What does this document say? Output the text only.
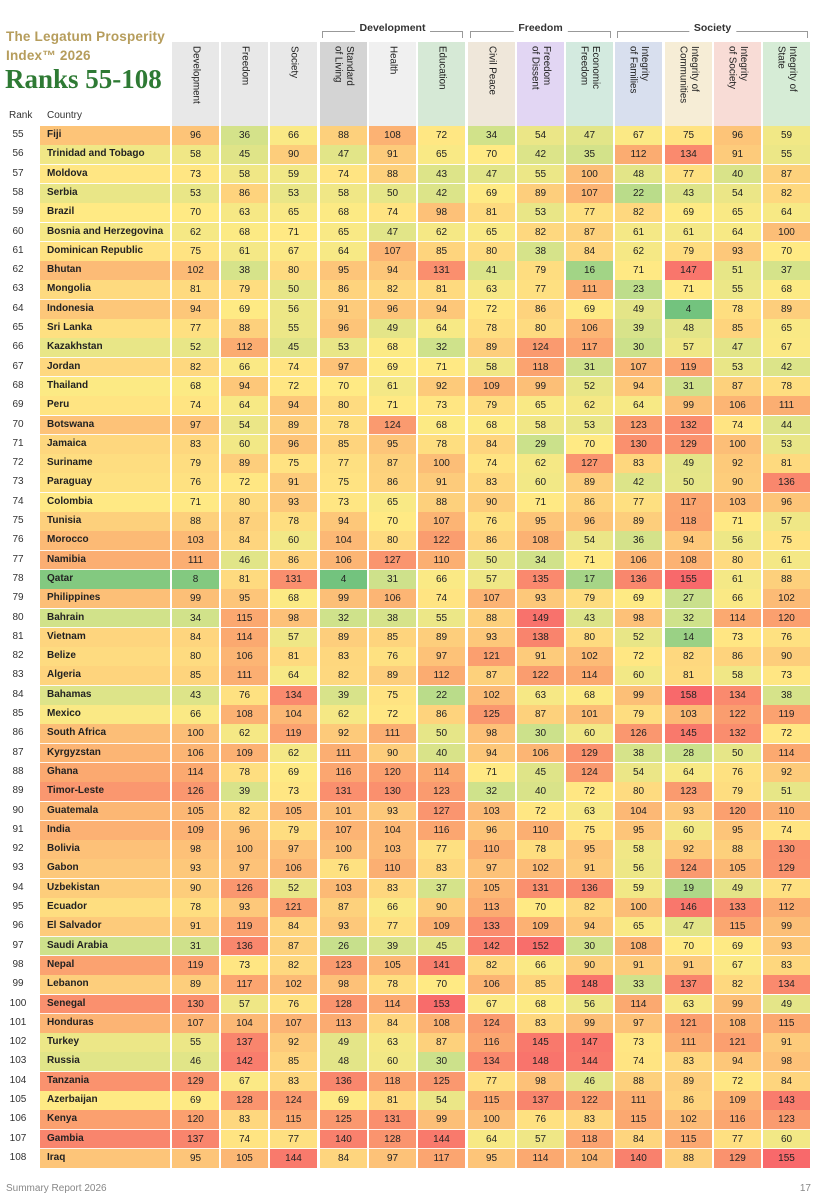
The Legatum Prosperity
Index™ 2026
Ranks 55-108
Rank Country
Development	Freedom	Society
Development	Freedom	Society	Standard
of Living	Health	Education	Civil Peace	Freedom
of Dissent	Economic
Freedom	Integrity
of Families	Integrity of
Communities	Integrity
of Society	Integrity of
State
55	Fiji	96	36	66	88	108	72	34	54	47	67	75	96	59
56	Trinidad and Tobago	58	45	90	47	91	65	70	42	35	112	134	91	55
57	Moldova	73	58	59	74	88	43	47	55	100	48	77	40	87
58	Serbia	53	86	53	58	50	42	69	89	107	22	43	54	82
59	Brazil	70	63	65	68	74	98	81	53	77	82	69	65	64
60	Bosnia and Herzegovina	62	68	71	65	47	62	65	82	87	61	61	64	100
61	Dominican Republic	75	61	67	64	107	85	80	38	84	62	79	93	70
62	Bhutan	102	38	80	95	94	131	41	79	16	71	147	51	37
63	Mongolia	81	79	50	86	82	81	63	77	111	23	71	55	68
64	Indonesia	94	69	56	91	96	94	72	86	69	49	4	78	89
65	Sri Lanka	77	88	55	96	49	64	78	80	106	39	48	85	65
66	Kazakhstan	52	112	45	53	68	32	89	124	117	30	57	47	67
67	Jordan	82	66	74	97	69	71	58	118	31	107	119	53	42
68	Thailand	68	94	72	70	61	92	109	99	52	94	31	87	78
69	Peru	74	64	94	80	71	73	79	65	62	64	99	106	111
70	Botswana	97	54	89	78	124	68	68	58	53	123	132	74	44
71	Jamaica	83	60	96	85	95	78	84	29	70	130	129	100	53
72	Suriname	79	89	75	77	87	100	74	62	127	83	49	92	81
73	Paraguay	76	72	91	75	86	91	83	60	89	42	50	90	136
74	Colombia	71	80	93	73	65	88	90	71	86	77	117	103	96
75	Tunisia	88	87	78	94	70	107	76	95	96	89	118	71	57
76	Morocco	103	84	60	104	80	122	86	108	54	36	94	56	75
77	Namibia	111	46	86	106	127	110	50	34	71	106	108	80	61
78	Qatar	8	81	131	4	31	66	57	135	17	136	155	61	88
79	Philippines	99	95	68	99	106	74	107	93	79	69	27	66	102
80	Bahrain	34	115	98	32	38	55	88	149	43	98	32	114	120
81	Vietnam	84	114	57	89	85	89	93	138	80	52	14	73	76
82	Belize	80	106	81	83	76	97	121	91	102	72	82	86	90
83	Algeria	85	111	64	82	89	112	87	122	114	60	81	58	73
84	Bahamas	43	76	134	39	75	22	102	63	68	99	158	134	38
85	Mexico	66	108	104	62	72	86	125	87	101	79	103	122	119
86	South Africa	100	62	119	92	111	50	98	30	60	126	145	132	72
87	Kyrgyzstan	106	109	62	111	90	40	94	106	129	38	28	50	114
88	Ghana	114	78	69	116	120	114	71	45	124	54	64	76	92
89	Timor-Leste	126	39	73	131	130	123	32	40	72	80	123	79	51
90	Guatemala	105	82	105	101	93	127	103	72	63	104	93	120	110
91	India	109	96	79	107	104	116	96	110	75	95	60	95	74
92	Bolivia	98	100	97	100	103	77	110	78	95	58	92	88	130
93	Gabon	93	97	106	76	110	83	97	102	91	56	124	105	129
94	Uzbekistan	90	126	52	103	83	37	105	131	136	59	19	49	77
95	Ecuador	78	93	121	87	66	90	113	70	82	100	146	133	112
96	El Salvador	91	119	84	93	77	109	133	109	94	65	47	115	99
97	Saudi Arabia	31	136	87	26	39	45	142	152	30	108	70	69	93
98	Nepal	119	73	82	123	105	141	82	66	90	91	91	67	83
99	Lebanon	89	117	102	98	78	70	106	85	148	33	137	82	134
100	Senegal	130	57	76	128	114	153	67	68	56	114	63	99	49
101	Honduras	107	104	107	113	84	108	124	83	99	97	121	108	115
102	Turkey	55	137	92	49	63	87	116	145	147	73	111	121	91
103	Russia	46	142	85	48	60	30	134	148	144	74	83	94	98
104	Tanzania	129	67	83	136	118	125	77	98	46	88	89	72	84
105	Azerbaijan	69	128	124	69	81	54	115	137	122	111	86	109	143
106	Kenya	120	83	115	125	131	99	100	76	83	115	102	116	123
107	Gambia	137	74	77	140	128	144	64	57	118	84	115	77	60
108	Iraq	95	105	144	84	97	117	95	114	104	140	88	129	155
Summary Report 2026	17
